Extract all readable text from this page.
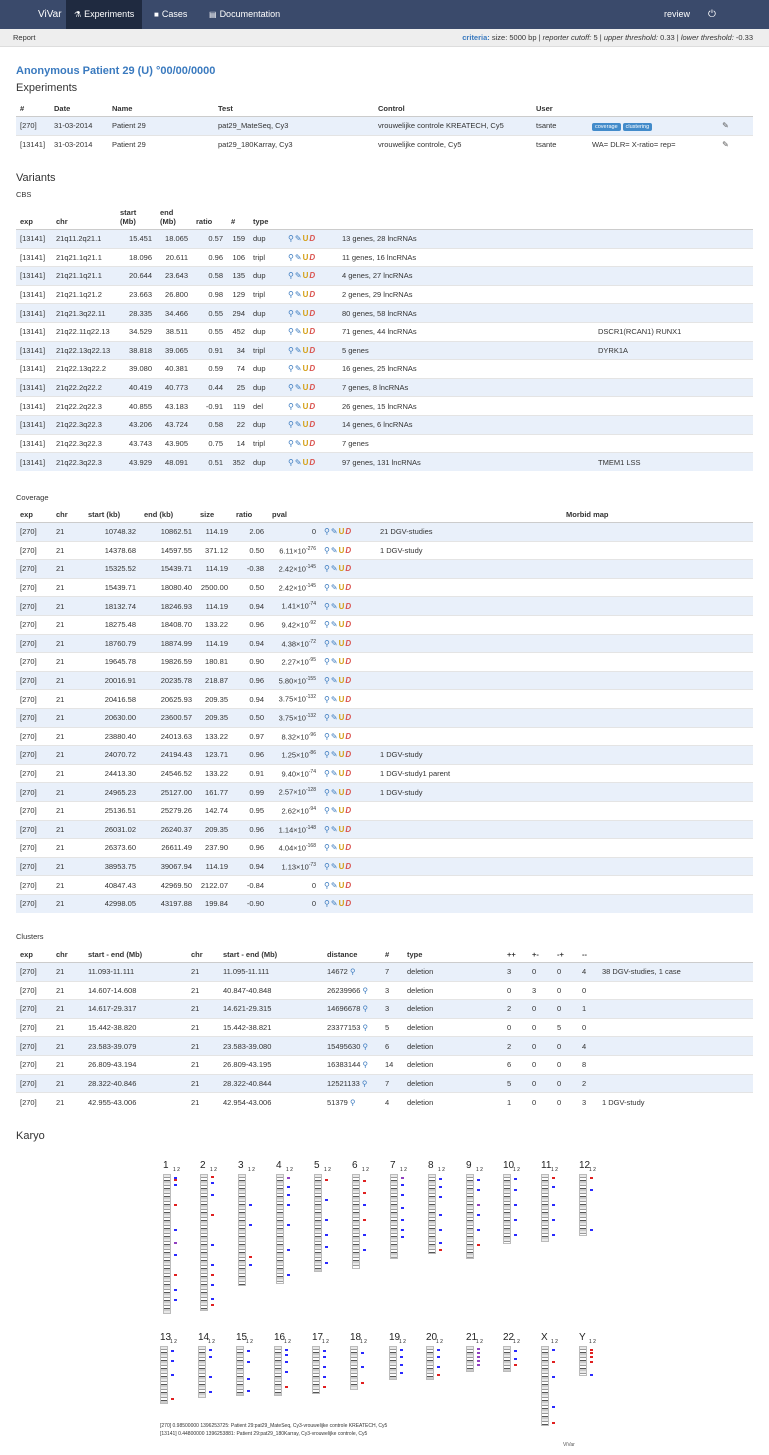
ViVar	⚗ Experiments	■ Cases	▤ Documentation	review	⏻
Report	criteria: size: 5000 bp | reporter cutoff: 5 | upper threshold: 0.33 | lower threshold: -0.33
Anonymous Patient 29 (U) °00/00/0000
Experiments
#	Date	Name	Test	Control	User		
[270]	31-03-2014	Patient 29	pat29_MateSeq, Cy3	vrouwelijke controle KREATECH, Cy5	tsante	coverage clustering	✎
[13141]	31-03-2014	Patient 29	pat29_180Karray, Cy3	vrouwelijke controle, Cy5	tsante	WA= DLR= X-ratio= rep=	✎
Variants
CBS
exp	chr	start (Mb)	end (Mb)	ratio	#	type			
[13141]	21q11.2q21.1	15.451	18.065	0.57	159	dup	⚲✎UD	13 genes, 28 lncRNAs	
[13141]	21q21.1q21.1	18.096	20.611	0.96	106	tripl	⚲✎UD	11 genes, 16 lncRNAs	
[13141]	21q21.1q21.1	20.644	23.643	0.58	135	dup	⚲✎UD	4 genes, 27 lncRNAs	
[13141]	21q21.1q21.2	23.663	26.800	0.98	129	tripl	⚲✎UD	2 genes, 29 lncRNAs	
[13141]	21q21.3q22.11	28.335	34.466	0.55	294	dup	⚲✎UD	80 genes, 58 lncRNAs	
[13141]	21q22.11q22.13	34.529	38.511	0.55	452	dup	⚲✎UD	71 genes, 44 lncRNAs	DSCR1(RCAN1) RUNX1
[13141]	21q22.13q22.13	38.818	39.065	0.91	34	tripl	⚲✎UD	5 genes	DYRK1A
[13141]	21q22.13q22.2	39.080	40.381	0.59	74	dup	⚲✎UD	16 genes, 25 lncRNAs	
[13141]	21q22.2q22.2	40.419	40.773	0.44	25	dup	⚲✎UD	7 genes, 8 lncRNAs	
[13141]	21q22.2q22.3	40.855	43.183	-0.91	119	del	⚲✎UD	26 genes, 15 lncRNAs	
[13141]	21q22.3q22.3	43.206	43.724	0.58	22	dup	⚲✎UD	14 genes, 6 lncRNAs	
[13141]	21q22.3q22.3	43.743	43.905	0.75	14	tripl	⚲✎UD	7 genes	
[13141]	21q22.3q22.3	43.929	48.091	0.51	352	dup	⚲✎UD	97 genes, 131 lncRNAs	TMEM1 LSS
Coverage
exp	chr	start (kb)	end (kb)	size	ratio	pval			Morbid map
[270]	21	10748.32	10862.51	114.19	2.06	0	⚲✎UD	21 DGV-studies	
[270]	21	14378.68	14597.55	371.12	0.50	$6.11\times 10^{-276}$	⚲✎UD	1 DGV-study	
[270]	21	15325.52	15439.71	114.19	-0.38	$2.42\times 10^{-145}$	⚲✎UD		
[270]	21	15439.71	18080.40	2500.00	0.50	$2.42\times 10^{-145}$	⚲✎UD		
[270]	21	18132.74	18246.93	114.19	0.94	$1.41\times 10^{-74}$	⚲✎UD		
[270]	21	18275.48	18408.70	133.22	0.96	$9.42\times 10^{-92}$	⚲✎UD		
[270]	21	18760.79	18874.99	114.19	0.94	$4.38\times 10^{-72}$	⚲✎UD		
[270]	21	19645.78	19826.59	180.81	0.90	$2.27\times 10^{-95}$	⚲✎UD		
[270]	21	20016.91	20235.78	218.87	0.96	$5.80\times 10^{-155}$	⚲✎UD		
[270]	21	20416.58	20625.93	209.35	0.94	$3.75\times 10^{-132}$	⚲✎UD		
[270]	21	20630.00	23600.57	209.35	0.50	$3.75\times 10^{-132}$	⚲✎UD		
[270]	21	23880.40	24013.63	133.22	0.97	$8.32\times 10^{-96}$	⚲✎UD		
[270]	21	24070.72	24194.43	123.71	0.96	$1.25\times 10^{-86}$	⚲✎UD	1 DGV-study	
[270]	21	24413.30	24546.52	133.22	0.91	$9.40\times 10^{-74}$	⚲✎UD	1 DGV-study1 parent	
[270]	21	24965.23	25127.00	161.77	0.99	$2.57\times 10^{-128}$	⚲✎UD	1 DGV-study	
[270]	21	25136.51	25279.26	142.74	0.95	$2.62\times 10^{-94}$	⚲✎UD		
[270]	21	26031.02	26240.37	209.35	0.96	$1.14\times 10^{-148}$	⚲✎UD		
[270]	21	26373.60	26611.49	237.90	0.96	$4.04\times 10^{-168}$	⚲✎UD		
[270]	21	38953.75	39067.94	114.19	0.94	$1.13\times 10^{-73}$	⚲✎UD		
[270]	21	40847.43	42969.50	2122.07	-0.84	0	⚲✎UD		
[270]	21	42998.05	43197.88	199.84	-0.90	0	⚲✎UD		
Clusters
exp	chr	start - end (Mb)	chr	start - end (Mb)	distance	#	type	++	+-	-+	--	
[270]	21	11.093-11.111	21	11.095-11.111	14672 ⚲	7	deletion	3	0	0	4	38 DGV-studies, 1 case
[270]	21	14.607-14.608	21	40.847-40.848	26239966 ⚲	3	deletion	0	3	0	0	
[270]	21	14.617-29.317	21	14.621-29.315	14696678 ⚲	3	deletion	2	0	0	1	
[270]	21	15.442-38.820	21	15.442-38.821	23377153 ⚲	5	deletion	0	0	5	0	
[270]	21	23.583-39.079	21	23.583-39.080	15495630 ⚲	6	deletion	2	0	0	4	
[270]	21	26.809-43.194	21	26.809-43.195	16383144 ⚲	14	deletion	6	0	0	8	
[270]	21	28.322-40.846	21	28.322-40.844	12521133 ⚲	7	deletion	5	0	0	2	
[270]	21	42.955-43.006	21	42.954-43.006	51379 ⚲	4	deletion	1	0	0	3	1 DGV-study
Karyo
1 1 2 2 1 2 3 1 2 4 1 2 5 1 2 6 1 2 7 1 2 8 1 2 9 1 2 10
1 2 11 1 2 12
1 2
13
1 2 14
1 2 15
1 2 16
1 2 17
1 2 18
1 2 19
1 2 20
1 2 21
1 2 22
1 2 X 1 2 Y 1 2
[270] 0.98500000 1396253725: Patient 29:pat29_MateSeq, Cy3-vrouwelijke controle KREATECH, Cy5
[13141] 0.44800000 1396253881: Patient 29:pat29_180Karray, Cy3-vrouwelijke controle, Cy5
ViVar
